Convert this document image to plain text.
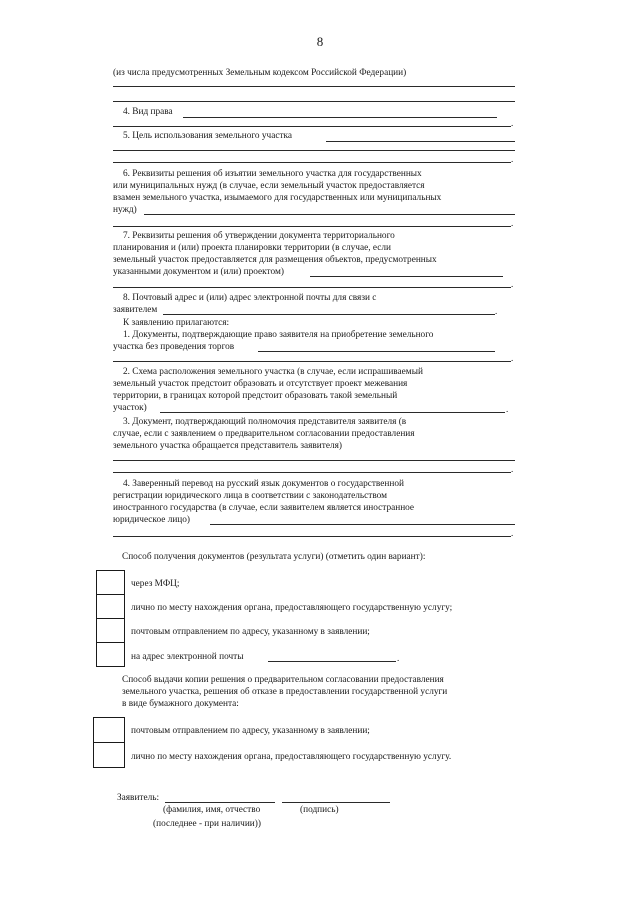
8
(из числа предусмотренных Земельным кодексом Российской Федерации)
4. Вид права
.
5. Цель использования земельного участка
.
6. Реквизиты решения об изъятии земельного участка для государственных
или муниципальных нужд (в случае, если земельный участок предоставляется
взамен земельного участка, изымаемого для государственных или муниципальных
нужд)
.
7. Реквизиты решения об утверждении документа территориального
планирования и (или) проекта планировки территории (в случае, если
земельный участок предоставляется для размещения объектов, предусмотренных
указанными документом и (или) проектом)
.
8. Почтовый адрес и (или) адрес электронной почты для связи с
заявителем	.
К заявлению прилагаются:
1. Документы, подтверждающие право заявителя на приобретение земельного
участка без проведения торгов
.
2. Схема расположения земельного участка (в случае, если испрашиваемый
земельный участок предстоит образовать и отсутствует проект межевания
территории, в границах которой предстоит образовать такой земельный
участок)	.
3. Документ, подтверждающий полномочия представителя заявителя (в
случае, если с заявлением о предварительном согласовании предоставления
земельного участка обращается представитель заявителя)
.
4. Заверенный перевод на русский язык документов о государственной
регистрации юридического лица в соответствии с законодательством
иностранного государства (в случае, если заявителем является иностранное
юридическое лицо)
.
Способ получения документов (результата услуги) (отметить один вариант):
через МФЦ;
лично по месту нахождения органа, предоставляющего государственную услугу;
почтовым отправлением по адресу, указанному в заявлении;
на адрес электронной почты	.
Способ выдачи копии решения о предварительном согласовании предоставления
земельного участка, решения об отказе в предоставлении государственной услуги
в виде бумажного документа:
почтовым отправлением по адресу, указанному в заявлении;
лично по месту нахождения органа, предоставляющего государственную услугу.
Заявитель:
(фамилия, имя, отчество	(подпись)
(последнее - при наличии))
